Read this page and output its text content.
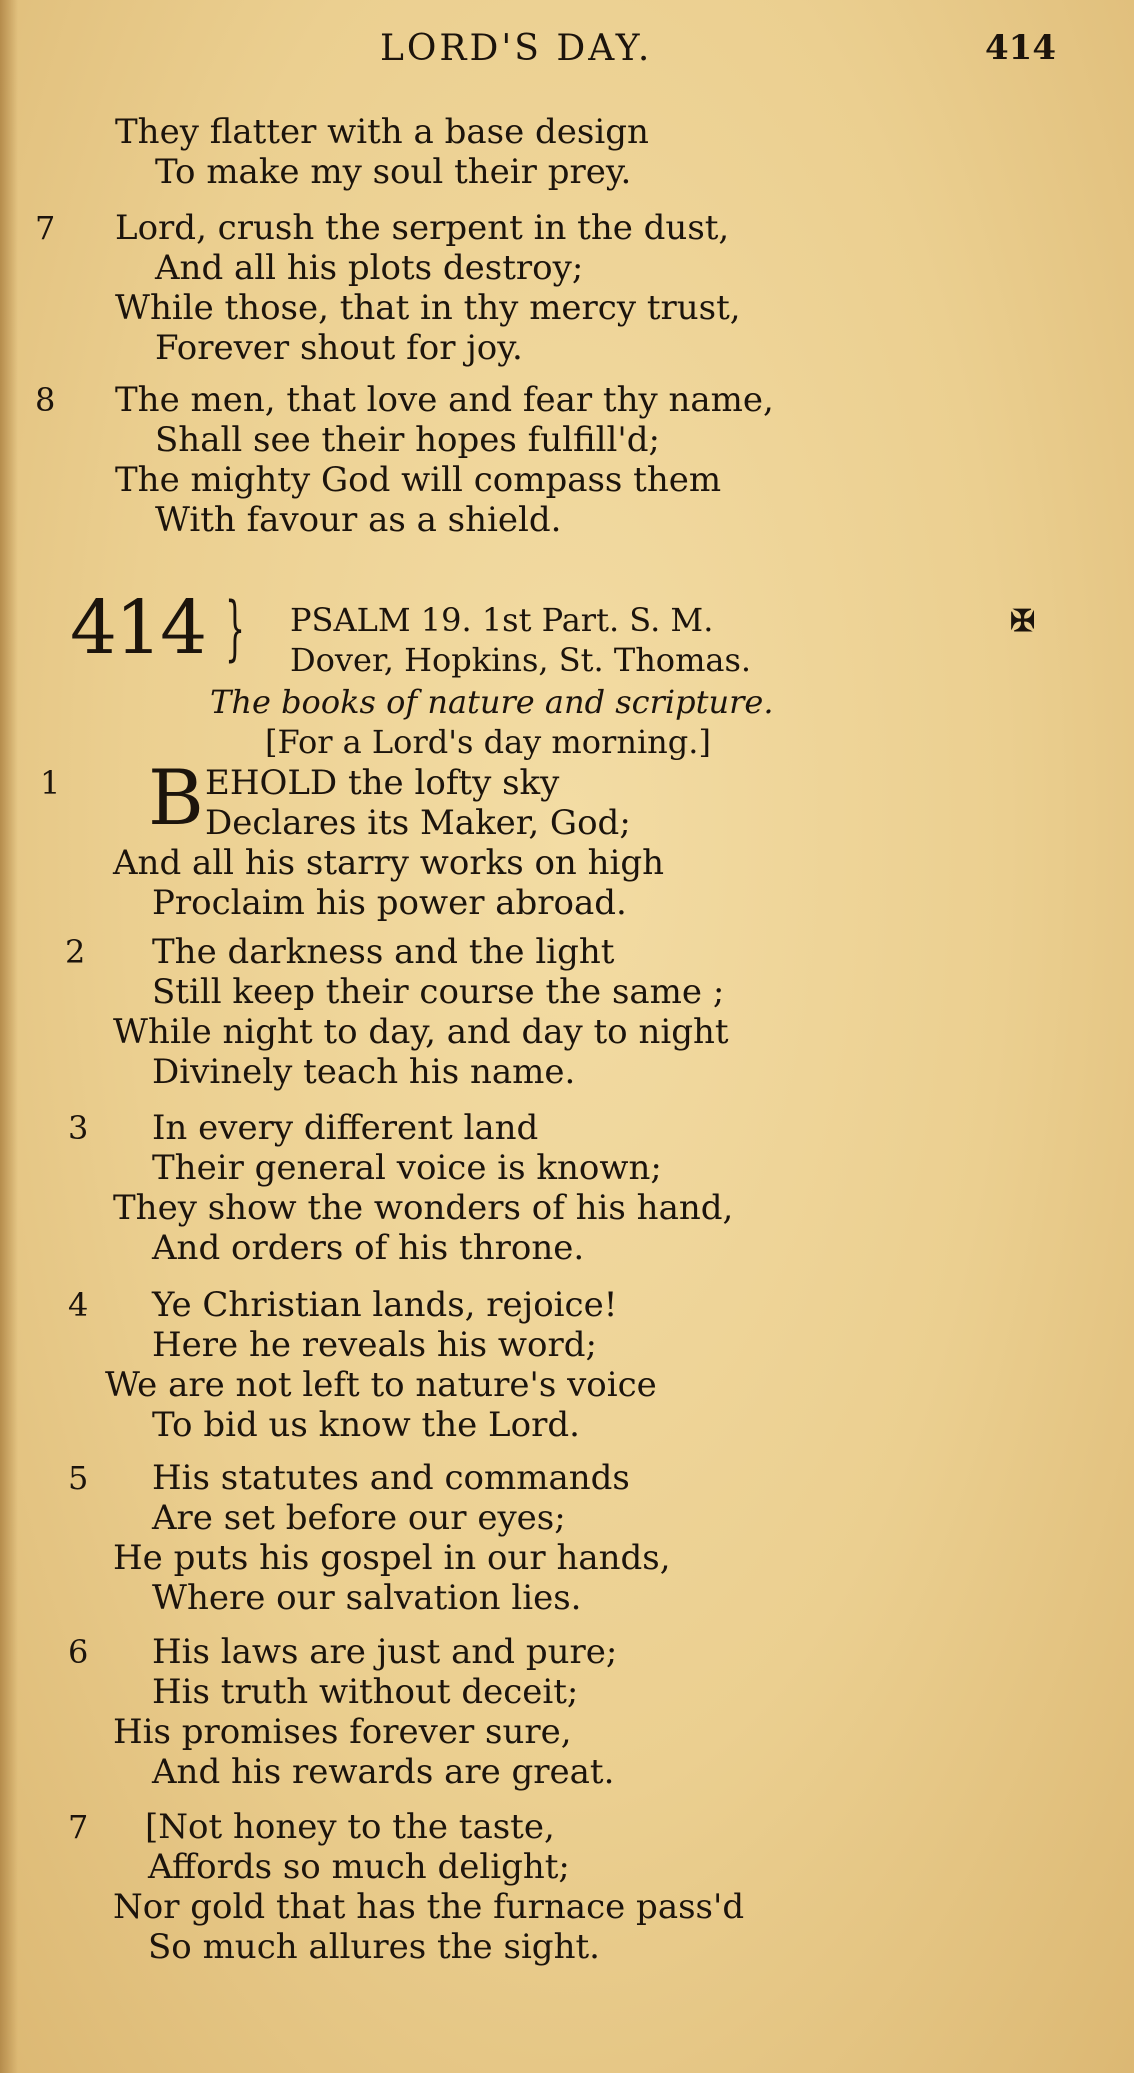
LORD'S DAY.	414
They flatter with a base design
To make my soul their prey.
7 Lord, crush the serpent in the dust,
And all his plots destroy;
While those, that in thy mercy trust,
Forever shout for joy.
8 The men, that love and fear thy name,
Shall see their hopes fulfill'd;
The mighty God will compass them
With favour as a shield.
414 } PSALM 19. 1st Part. S. M.	✠
Dover, Hopkins, St. Thomas.
The books of nature and scripture.
[For a Lord's day morning.]
1 B EHOLD the lofty sky
Declares its Maker, God;
And all his starry works on high
Proclaim his power abroad.
2 The darkness and the light
Still keep their course the same ;
While night to day, and day to night
Divinely teach his name.
3 In every different land
Their general voice is known;
They show the wonders of his hand,
And orders of his throne.
4 Ye Christian lands, rejoice!
Here he reveals his word;
We are not left to nature's voice
To bid us know the Lord.
5 His statutes and commands
Are set before our eyes;
He puts his gospel in our hands,
Where our salvation lies.
6 His laws are just and pure;
His truth without deceit;
His promises forever sure,
And his rewards are great.
7 [Not honey to the taste,
Affords so much delight;
Nor gold that has the furnace pass'd
So much allures the sight.
